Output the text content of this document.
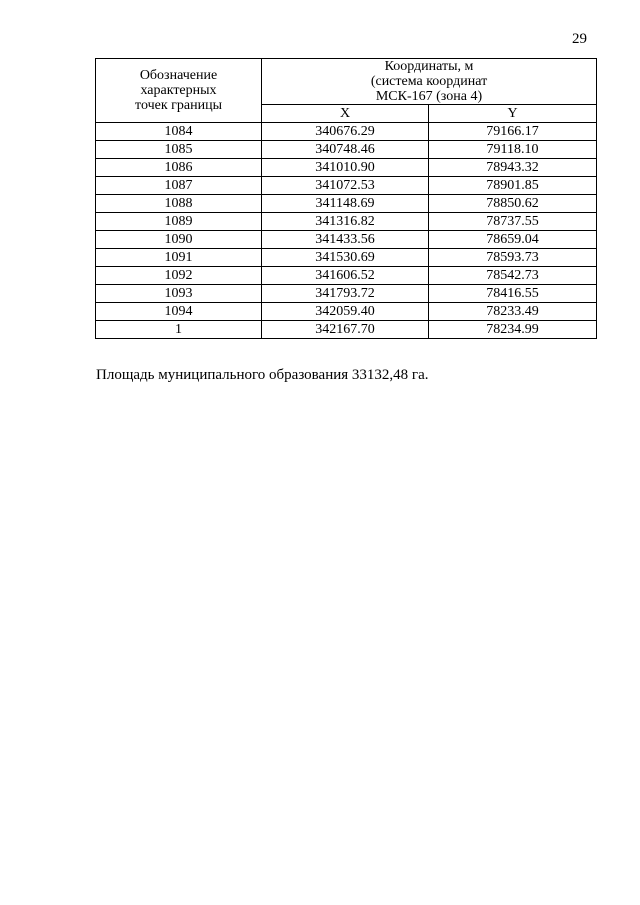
29
Обозначение
характерных
точек границы	Координаты, м
(система координат
МСК-167 (зона 4)	

	X	Y
1084	340676.29	79166.17
1085	340748.46	79118.10
1086	341010.90	78943.32
1087	341072.53	78901.85
1088	341148.69	78850.62
1089	341316.82	78737.55
1090	341433.56	78659.04
1091	341530.69	78593.73
1092	341606.52	78542.73
1093	341793.72	78416.55
1094	342059.40	78233.49
1	342167.70	78234.99
Площадь муниципального образования 33132,48 га.
